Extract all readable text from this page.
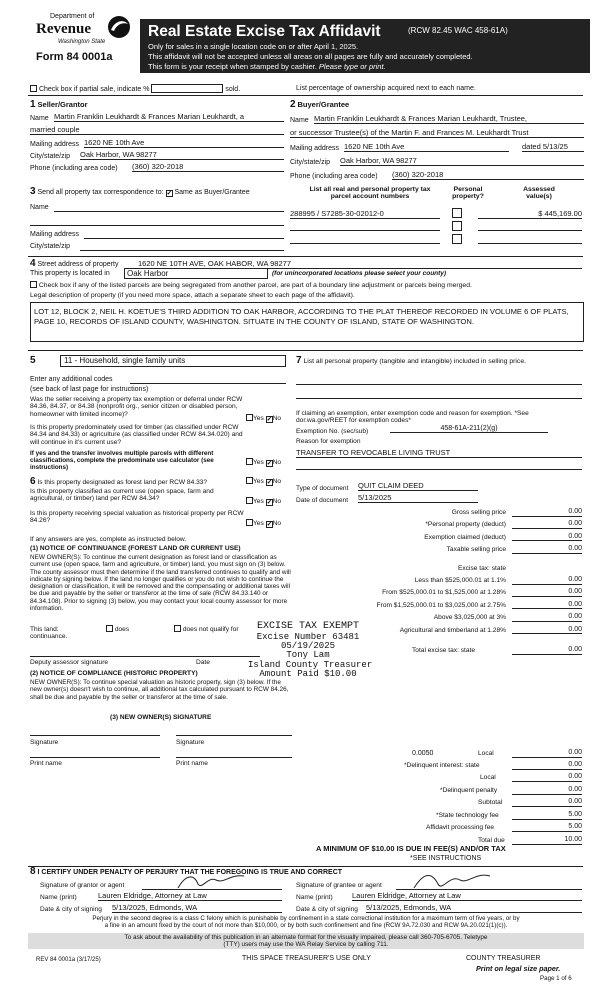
Department of
Revenue
Washington State
Form 84 0001a
Real Estate Excise Tax Affidavit	(RCW 82.45 WAC 458-61A)
Only for sales in a single location code on or after April 1, 2025.
This affidavit will not be accepted unless all areas on all pages are fully and accurately completed.
This form is your receipt when stamped by cashier. Please type or print.
Check box if partial sale, indicate %	sold.	List percentage of ownership acquired next to each name.
1 Seller/Grantor
Name Martin Franklin Leukhardt & Frances Marian Leukhardt, a
married couple
Mailing address 1620 NE 10th Ave
City/state/zip Oak Harbor, WA 98277
Phone (including area code) (360) 320-2018
2 Buyer/Grantee
Name Martin Franklin Leukhardt & Frances Marian Leukhardt, Trustee,
or successor Trustee(s) of the Martin F. and Frances M. Leukhardt Trust
Mailing address 1620 NE 10th Ave	dated 5/13/25
City/state/zip Oak Harbor, WA 98277
Phone (including area code) (360) 320-2018
3 Send all property tax correspondence to: ✓ Same as Buyer/Grantee
Name
Mailing address
City/state/zip
List all real and personal property tax
parcel account numbers
Personal
property?
Assessed
value(s)
288995 / S7285-30-02012-0	$ 445,169.00
4 Street address of property	1620 NE 10TH AVE, OAK HABOR, WA 98277
This property is located in	Oak Harbor	(for unincorporated locations please select your county)
Check box if any of the listed parcels are being segregated from another parcel, are part of a boundary line adjustment or parcels being merged.
Legal description of property (if you need more space, attach a separate sheet to each page of the affidavit).
LOT 12, BLOCK 2, NEIL H. KOETUE'S THIRD ADDITION TO OAK HARBOR, ACCORDING TO THE PLAT THEREOF RECORDED IN VOLUME 6 OF PLATS, PAGE 10, RECORDS OF ISLAND COUNTY, WASHINGTON. SITUATE IN THE COUNTY OF ISLAND, STATE OF WASHINGTON.
5	11 - Household, single family units
Enter any additional codes
(see back of last page for instructions)
Was the seller receiving a property tax exemption or deferral under RCW 84.36, 84.37, or 84.38 (nonprofit org., senior citizen or disabled person, homeowner with limited income)?
Yes ✓No
Is this property predominately used for timber (as classified under RCW 84.34 and 84.33) or agriculture (as classified under RCW 84.34.020) and will continue in it's current use?
If yes and the transfer involves multiple parcels with different classifications, complete the predominate use calculator (see instructions)
Yes ✓No
6 Is this property designated as forest land per RCW 84.33?	Yes ✓No
Is this property classified as current use (open space, farm and agricultural, or timber) land per RCW 84.34?	Yes ✓No
Is this property receiving special valuation as historical property per RCW 84.26?	Yes ✓No
If any answers are yes, complete as instructed below.
(1) NOTICE OF CONTINUANCE (FOREST LAND OR CURRENT USE)
NEW OWNER(S): To continue the current designation as forest land or classification as current use (open space, farm and agriculture, or timber) land, you must sign on (3) below. The county assessor must then determine if the land transferred continues to qualify and will indicate by signing below. If the land no longer qualifies or you do not wish to continue the designation or classification, it will be removed and the compensating or additional taxes will be due and payable by the seller or transferor at the time of sale (RCW 84.33.140 or 84.34.108). Prior to signing (3) below, you may contact your local county assessor for more information.
This land:
continuance.
does	does not qualify for
Deputy assessor signature	Date
(2) NOTICE OF COMPLIANCE (HISTORIC PROPERTY)
NEW OWNER(S): To continue special valuation as historic property, sign (3) below. If the new owner(s) doesn't wish to continue, all additional tax calculated pursuant to RCW 84.26, shall be due and payable by the seller or transferor at the time of sale.
(3) NEW OWNER(S) SIGNATURE
Signature	Signature
Print name	Print name
EXCISE TAX EXEMPT
Excise Number 63481
05/19/2025
Tony Lam
Island County Treasurer
Amount Paid $10.00
7 List all personal property (tangible and intangible) included in selling price.
If claiming an exemption, enter exemption code and reason for exemption. *See dor.wa.gov/REET for exemption codes*
Exemption No. (sec/sub)	458-61A-211(2)(g)
Reason for exemption
TRANSFER TO REVOCABLE LIVING TRUST
Type of document QUIT CLAIM DEED
Date of document 5/13/2025
Gross selling price	0.00
*Personal property (deduct)	0.00
Exemption claimed (deduct)	0.00
Taxable selling price	0.00
Excise tax: state
Less than $525,000.01 at 1.1%	0.00
From $525,000.01 to $1,525,000 at 1.28%	0.00
From $1,525,000.01 to $3,025,000 at 2.75%	0.00
Above $3,025,000 at 3%	0.00
Agricultural and timberland at 1.28%	0.00
Total excise tax: state	0.00
0.0050	Local	0.00
*Delinquent interest: state	0.00
Local	0.00
*Delinquent penalty	0.00
Subtotal	0.00
*State technology fee	5.00
Affidavit processing fee	5.00
Total due	10.00
A MINIMUM OF $10.00 IS DUE IN FEE(S) AND/OR TAX
*SEE INSTRUCTIONS
8 I CERTIFY UNDER PENALTY OF PERJURY THAT THE FOREGOING IS TRUE AND CORRECT
Signature of grantor or agent
Name (print)	Lauren Eldridge, Attorney at Law
Date & city of signing 5/13/2025, Edmonds, WA
Signature of grantee or agent
Name (print)	Lauren Eldridge, Attorney at Law
Date & city of signing 5/13/2025, Edmonds, WA
Perjury in the second degree is a class C felony which is punishable by confinement in a state correctional institution for a maximum term of five years, or by
a fine in an amount fixed by the court of not more than $10,000, or by both such confinement and fine (RCW 9A.72.030 and RCW 9A.20.021(1)(c)).
To ask about the availability of this publication in an alternate format for the visually impaired, please call 360-705-6705. Teletype
(TTY) users may use the WA Relay Service by calling 711.
REV 84 0001a (3/17/25)	THIS SPACE TREASURER'S USE ONLY	COUNTY TREASURER
Print on legal size paper.
Page 1 of 6
